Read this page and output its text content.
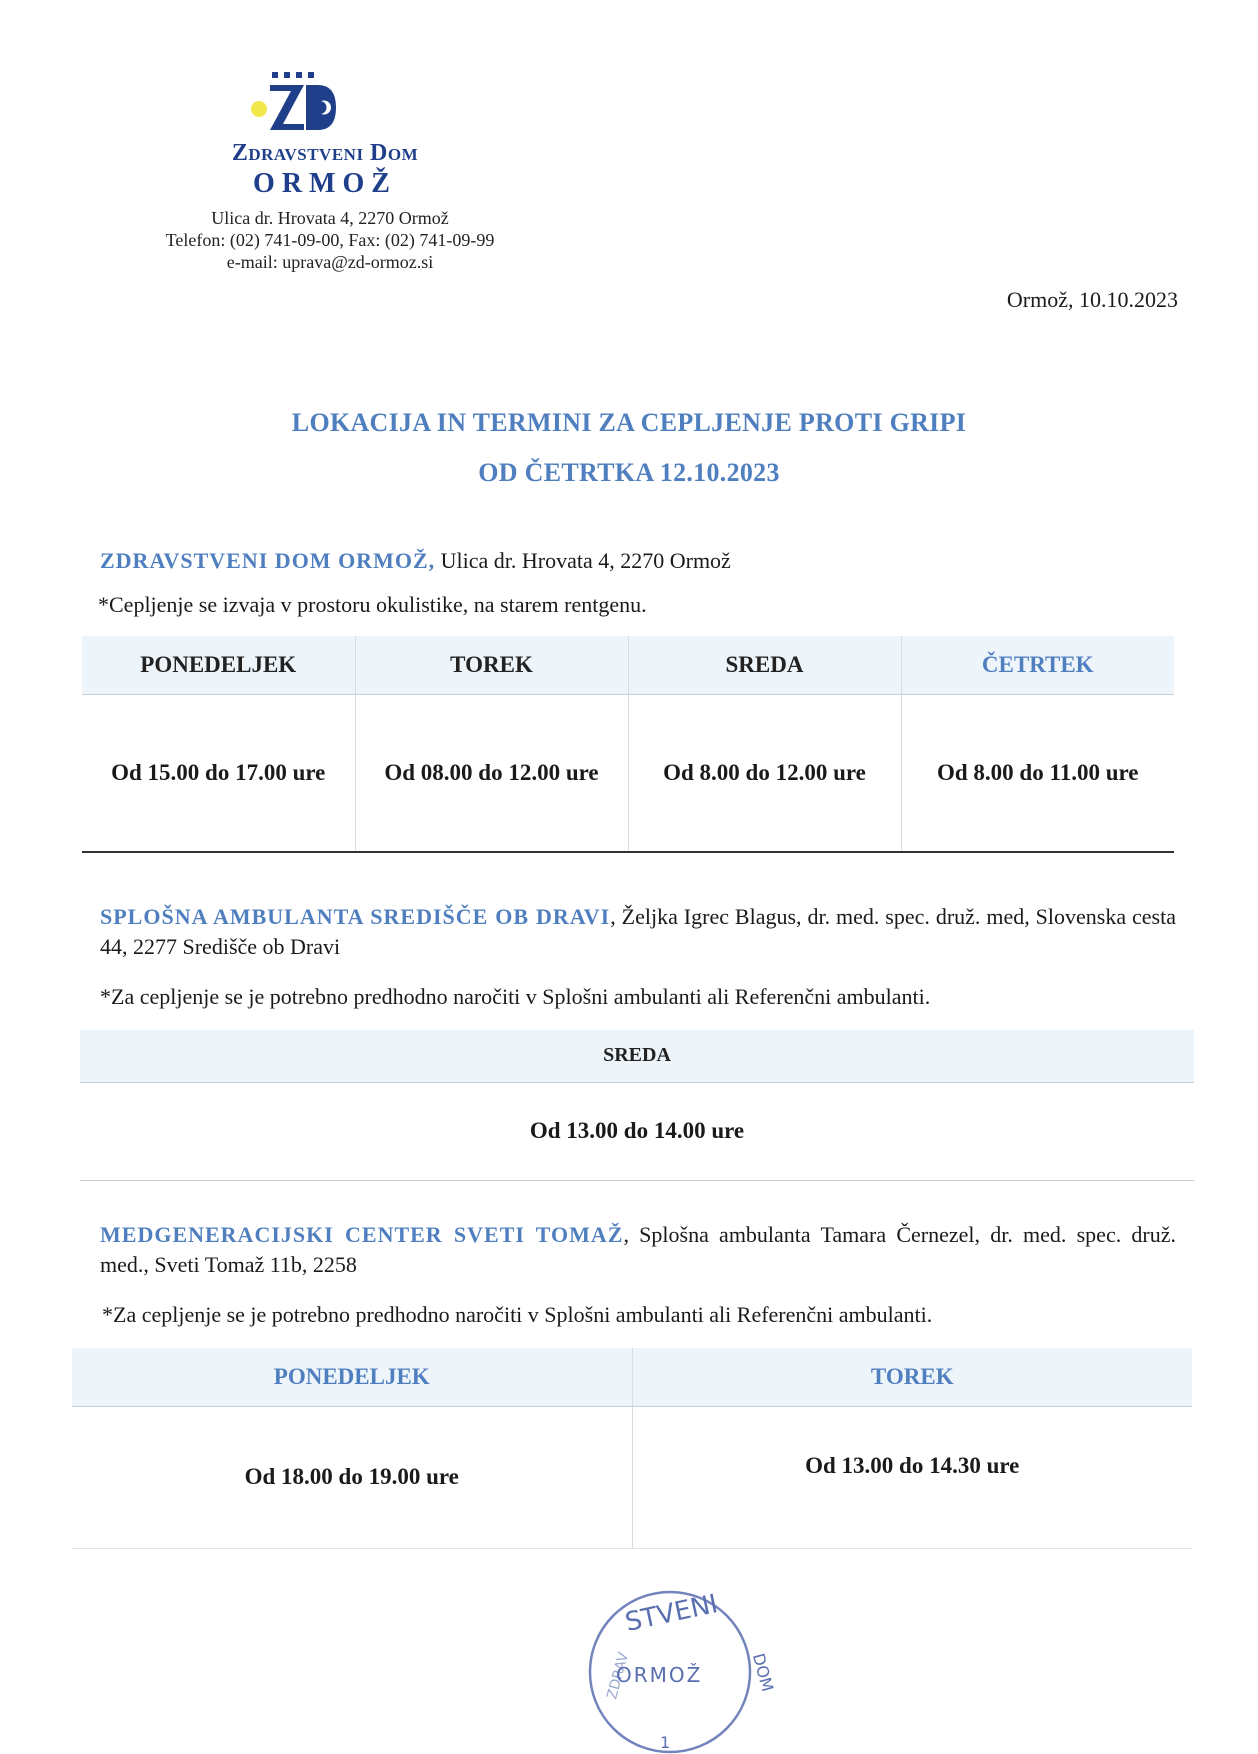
Zdravstveni Dom
ORMOŽ
Ulica dr. Hrovata 4, 2270 Ormož
Telefon: (02) 741-09-00, Fax: (02) 741-09-99
e-mail: uprava@zd-ormoz.si
Ormož, 10.10.2023
LOKACIJA IN TERMINI ZA CEPLJENJE PROTI GRIPI
OD ČETRTKA 12.10.2023
ZDRAVSTVENI DOM ORMOŽ, Ulica dr. Hrovata 4, 2270 Ormož
*Cepljenje se izvaja v prostoru okulistike, na starem rentgenu.
PONEDELJEK	TOREK	SREDA	ČETRTEK
Od 15.00 do 17.00 ure	Od 08.00 do 12.00 ure	Od 8.00 do 12.00 ure	Od 8.00 do 11.00 ure
SPLOŠNA AMBULANTA SREDIŠČE OB DRAVI, Željka Igrec Blagus, dr. med. spec. druž. med, Slovenska cesta 44, 2277 Središče ob Dravi
*Za cepljenje se je potrebno predhodno naročiti v Splošni ambulanti ali Referenčni ambulanti.
SREDA
Od 13.00 do 14.00 ure
MEDGENERACIJSKI CENTER SVETI TOMAŽ, Splošna ambulanta Tamara Černezel, dr. med. spec. druž. med., Sveti Tomaž 11b, 2258
*Za cepljenje se je potrebno predhodno naročiti v Splošni ambulanti ali Referenčni ambulanti.
PONEDELJEK	TOREK
Od 18.00 do 19.00 ure	Od 13.00 do 14.30 ure
STVENI
ZDRAV	DOM
ORMOŽ
1
